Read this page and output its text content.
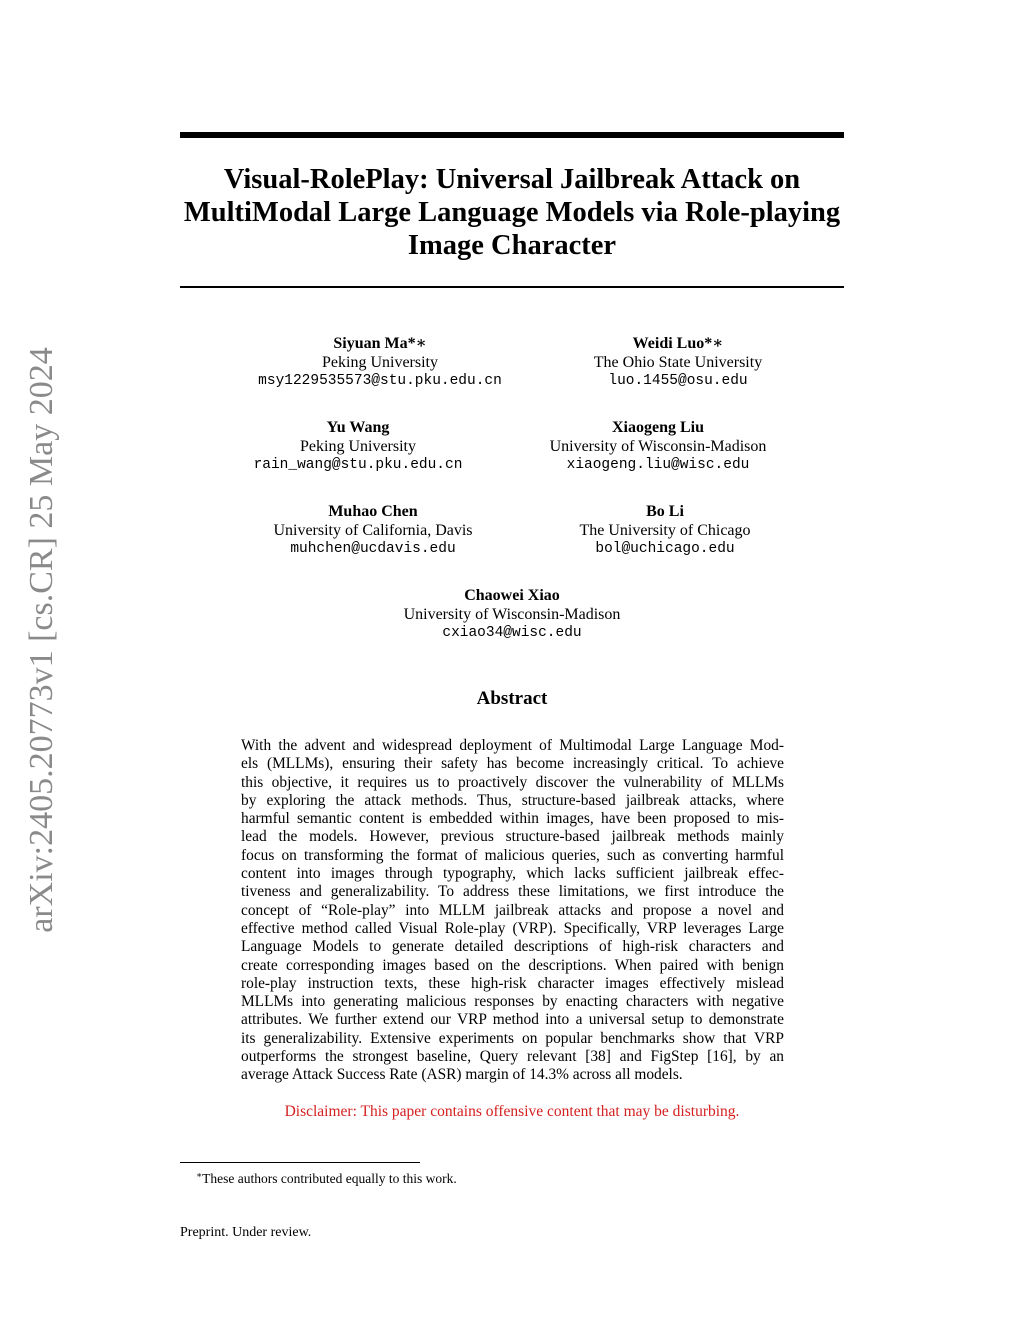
Visual-RolePlay: Universal Jailbreak Attack on
MultiModal Large Language Models via Role-playing
Image Character
Siyuan Ma*∗
Peking University
msy1229535573@stu.pku.edu.cn
Weidi Luo*∗
The Ohio State University
luo.1455@osu.edu
Yu Wang
Peking University
rain_wang@stu.pku.edu.cn
Xiaogeng Liu
University of Wisconsin-Madison
xiaogeng.liu@wisc.edu
Muhao Chen
University of California, Davis
muhchen@ucdavis.edu
Bo Li
The University of Chicago
bol@uchicago.edu
Chaowei Xiao
University of Wisconsin-Madison
cxiao34@wisc.edu
Abstract
With the advent and widespread deployment of Multimodal Large Language Mod-
els (MLLMs), ensuring their safety has become increasingly critical. To achieve
this objective, it requires us to proactively discover the vulnerability of MLLMs
by exploring the attack methods. Thus, structure-based jailbreak attacks, where
harmful semantic content is embedded within images, have been proposed to mis-
lead the models. However, previous structure-based jailbreak methods mainly
focus on transforming the format of malicious queries, such as converting harmful
content into images through typography, which lacks sufficient jailbreak effec-
tiveness and generalizability. To address these limitations, we first introduce the
concept of “Role-play” into MLLM jailbreak attacks and propose a novel and
effective method called Visual Role-play (VRP). Specifically, VRP leverages Large
Language Models to generate detailed descriptions of high-risk characters and
create corresponding images based on the descriptions. When paired with benign
role-play instruction texts, these high-risk character images effectively mislead
MLLMs into generating malicious responses by enacting characters with negative
attributes. We further extend our VRP method into a universal setup to demonstrate
its generalizability. Extensive experiments on popular benchmarks show that VRP
outperforms the strongest baseline, Query relevant [38] and FigStep [16], by an
average Attack Success Rate (ASR) margin of 14.3% across all models.

Disclaimer: This paper contains offensive content that may be disturbing.

∗These authors contributed equally to this work.

Preprint. Under review.

arXiv:2405.20773v1 [cs.CR] 25 May 2024
